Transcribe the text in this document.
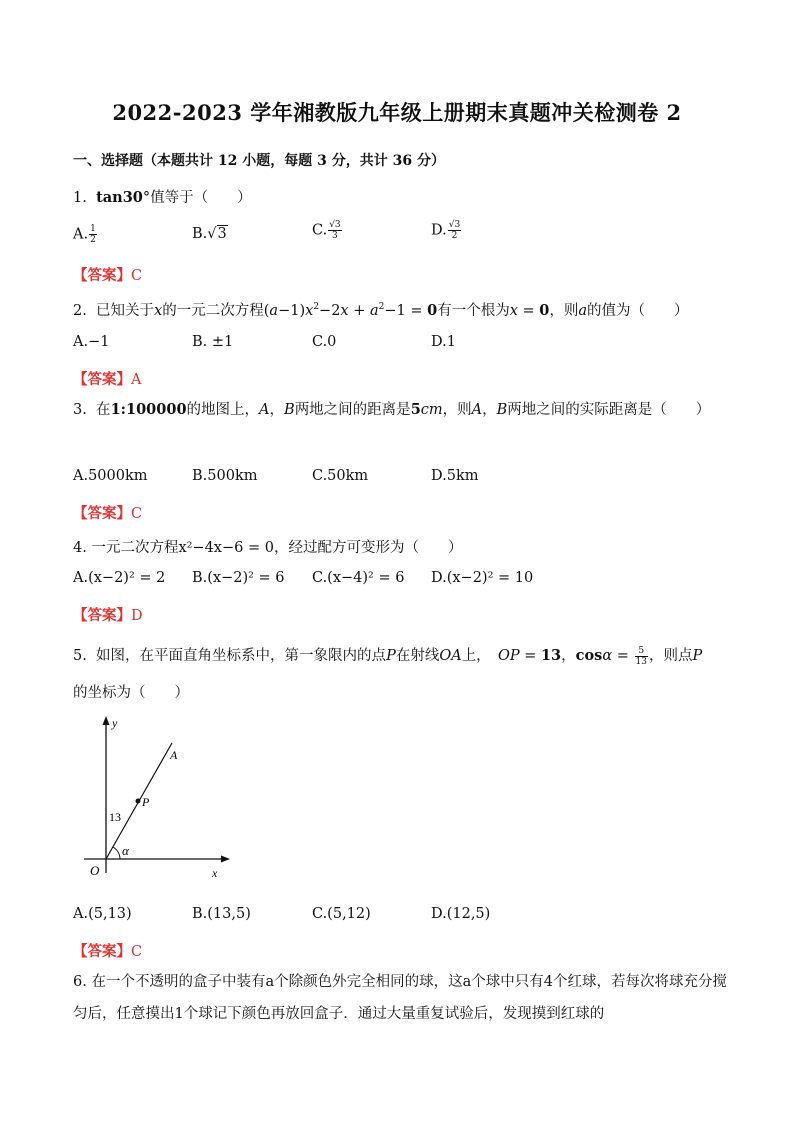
2022-2023 学年湘教版九年级上册期末真题冲关检测卷 2
一、选择题（本题共计 12 小题，每题 3 分，共计 36 分）
1.  tan30°值等于（　　）
A. $\frac{1}{2}$	B.√3	C. $\frac{√3}{3}$	D. $\frac{√3}{2}$
【答案】C
2.  已知关于x的一元二次方程$(a-1)x^2-2x + a^2-1 = 0$有一个根为x = 0，则a的值为（　　）
A.−1	B. ±1	C.0	D.1
【答案】A
3.  在1:100000的地图上，A，B两地之间的距离是5cm，则A，B两地之间的实际距离是（　　）
A.5000km	B.500km	C.50km	D.5km
【答案】C
4. 一元二次方程x²−4x−6 = 0，经过配方可变形为（　　）
A.(x−2)² = 2 B.(x−2)² = 6 C.(x−4)² = 6 D.(x−2)² = 10
【答案】D
5.  如图，在平面直角坐标系中，第一象限内的点P在射线OA上，　OP = 13，$\cos\alpha = \frac{5}{13}$ ，则点P
的坐标为（　　）
y
x
O
A
P
13
α
A.(5,13)	B.(13,5)	C.(5,12)	D.(12,5)
【答案】C
6. 在一个不透明的盒子中装有a个除颜色外完全相同的球，这a个球中只有4个红球，若每次将球充分搅匀后，任意摸出1个球记下颜色再放回盒子．通过大量重复试验后，发现摸到红球的
